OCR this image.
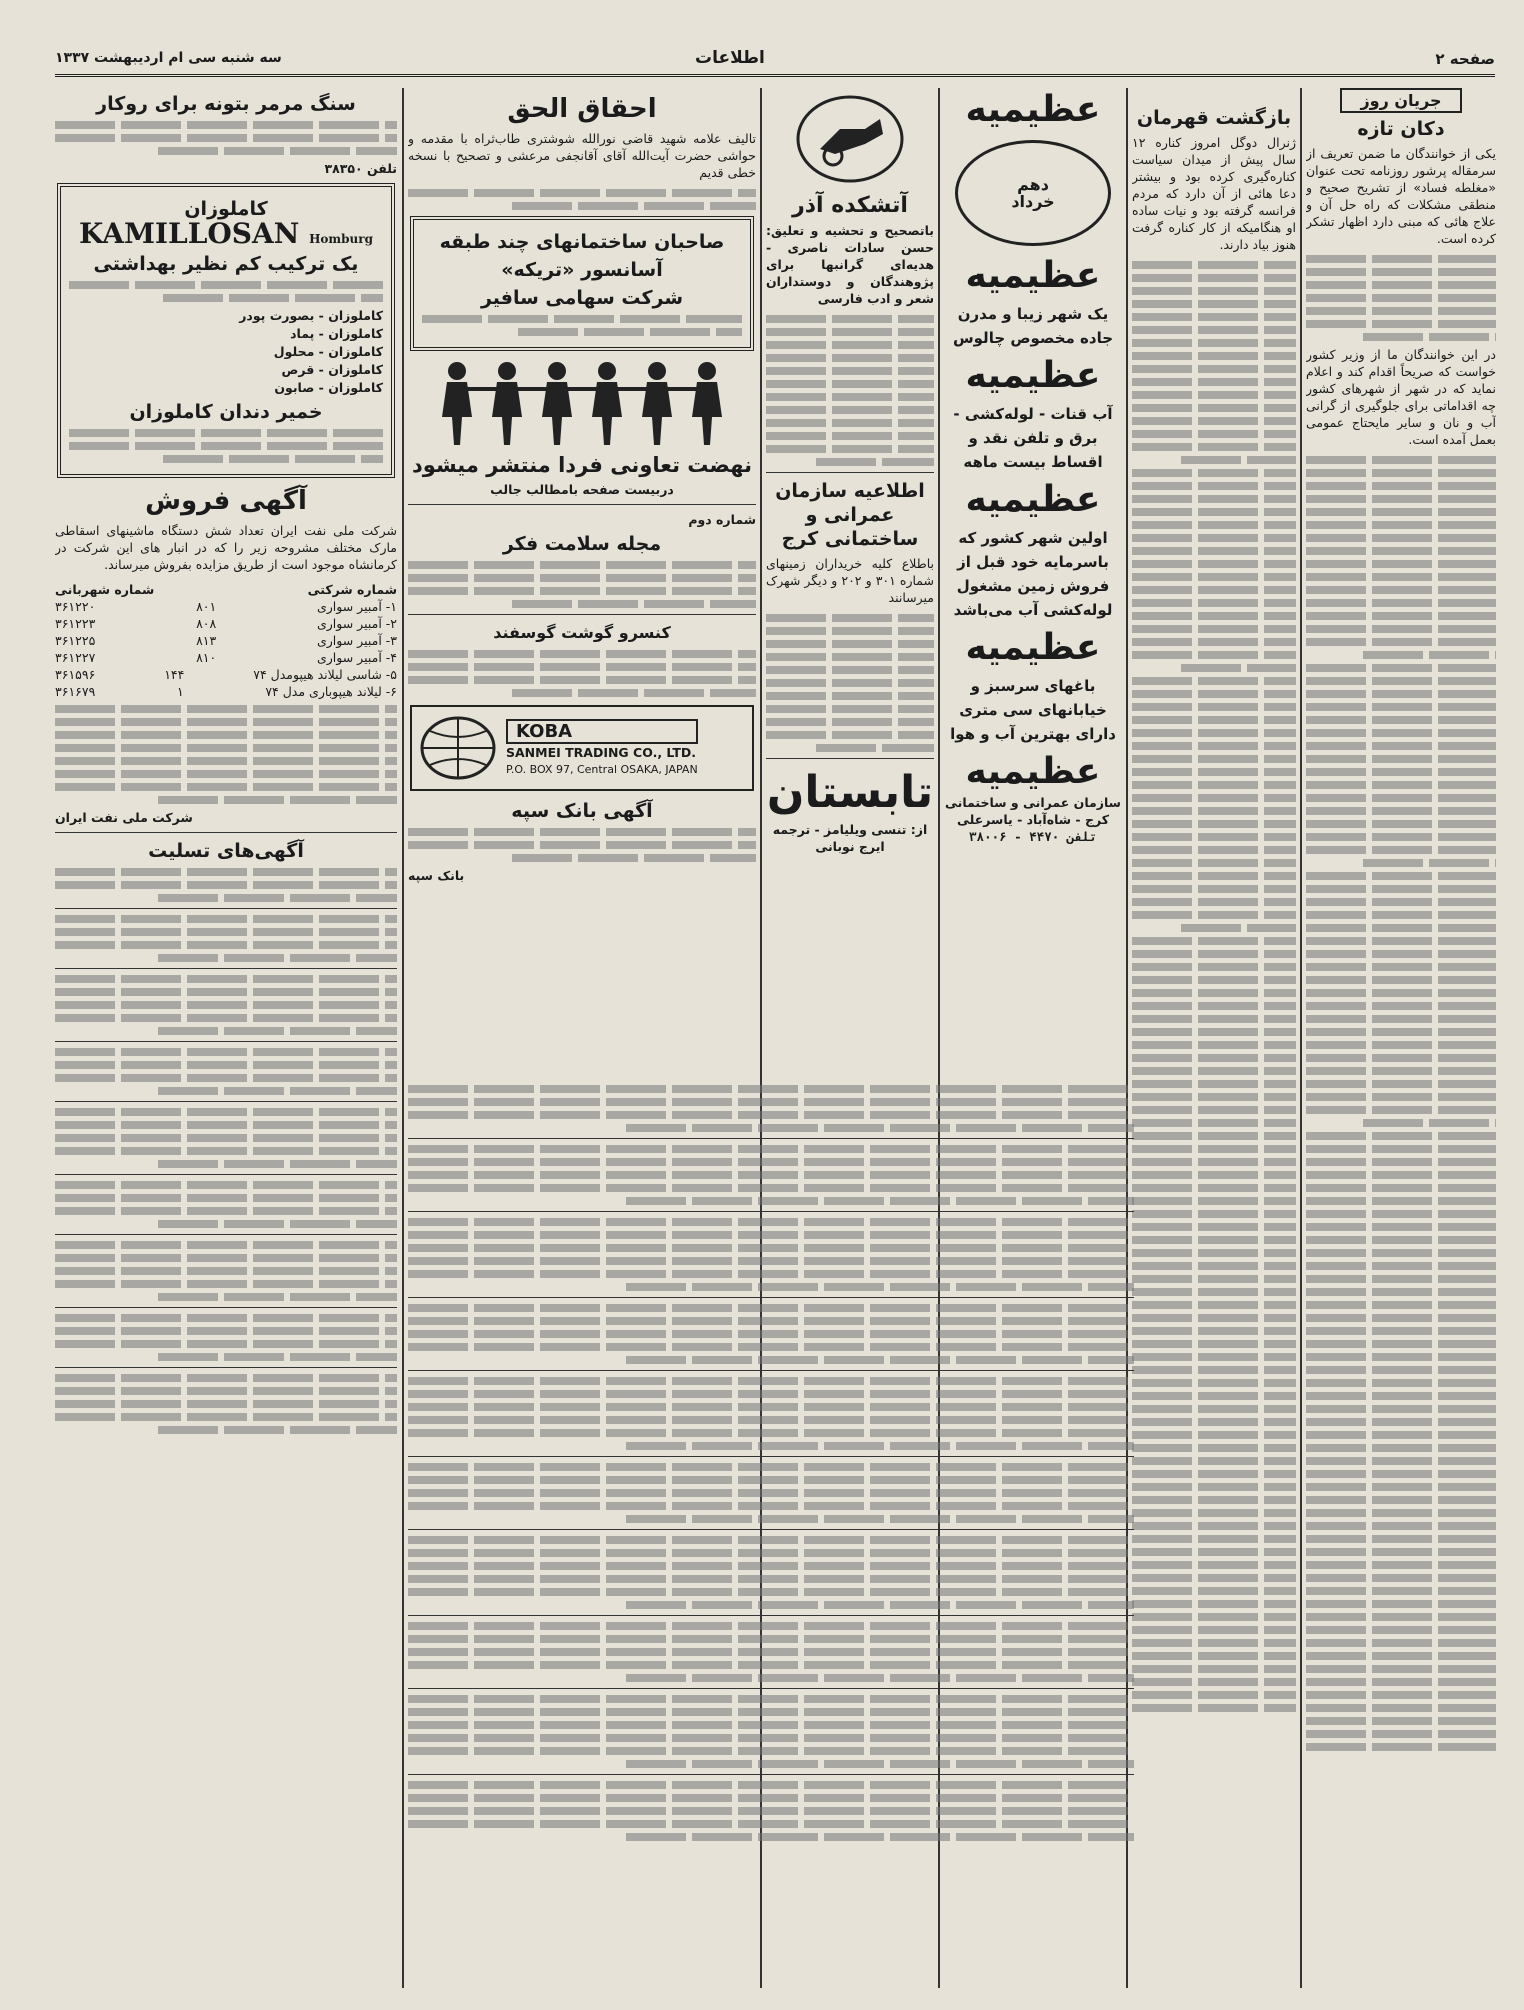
صفحه ۲
اطلاعات
سه شنبه سی ام اردیبهشت ۱۳۳۷
جریان روز
دکان تازه
یکی از خوانندگان ما ضمن تعریف از سرمقاله پرشور روزنامه تحت عنوان «مغلطه فساد» از تشریح صحیح و منطقی مشکلات که راه حل آن و علاج هائی که مبنی دارد اظهار تشکر کرده است.
در این خوانندگان ما از وزیر کشور خواست که صریحاً اقدام کند و اعلام نماید که در شهر از شهرهای کشور چه اقداماتی برای جلوگیری از گرانی آب و نان و سایر مایحتاج عمومی بعمل آمده است.
بازگشت قهرمان
ژنرال دوگل امروز کناره ۱۲ سال پیش از میدان سیاست کناره‌گیری کرده بود و بیشتر دعا هائی از آن دارد که مردم فرانسه گرفته بود و نیات ساده او هنگامیکه از کار کناره گرفت هنوز بیاد دارند.
عظیمیه
دهم
خرداد
عظیمیه
یک شهر زیبا و مدرن جاده مخصوص چالوس
عظیمیه
آب قنات - لوله‌کشی - برق و تلفن نقد و اقساط بیست ماهه
عظیمیه
اولین شهر کشور که باسرمایه خود قبل از فروش زمین مشغول لوله‌کشی آب می‌باشد
عظیمیه
باغهای سرسبز و خیابانهای سی متری دارای بهترین آب و هوا
عظیمیه
سازمان عمرانی و ساختمانی کرج - شاه‌آباد - یاسرعلی
تلفن ۴۴۷۰ - ۳۸۰۰۶
آتشکده آذر
باتصحیح و تحشیه و تعلیق: حسن سادات ناصری - هدیه‌ای گرانبها برای پژوهندگان و دوستداران شعر و ادب فارسی
اطلاعیه سازمان عمرانی و ساختمانی کرج
باطلاع کلیه خریداران زمینهای شماره ۳۰۱ و ۲۰۲ و دیگر شهرک میرسانند
تابستان
از: تنسی ویلیامز - ترجمه ایرج نوبانی
احقاق الحق
تالیف علامه شهید قاضی نورالله شوشتری طاب‌ثراه با مقدمه و حواشی حضرت آیت‌الله آقای آقانجفی مرعشی و تصحیح با نسخه خطی قدیم
صاحبان ساختمانهای چند طبقه
آسانسور «تریکه»
شرکت سهامی سافیر
نهضت تعاونی فردا منتشر میشود
دربیست صفحه بامطالب جالب
شماره دوم
مجله سلامت فکر
کنسرو گوشت گوسفند
KOBA
SANMEI TRADING CO., LTD.
P.O. BOX 97, Central OSAKA, JAPAN
آگهی بانک سپه
بانک سپه
سنگ مرمر بتونه برای روکار
تلفن ۳۸۳۵۰
کاملوزان
KAMILLOSAN Homburg
یک ترکیب کم نظیر بهداشتی
کاملوزان - بصورت پودر
کاملوزان - پماد
کاملوزان - محلول
کاملوزان - قرص
کاملوزان - صابون
خمیر دندان کاملوزان
آگهی فروش
شرکت ملی نفت ایران تعداد شش دستگاه ماشینهای اسقاطی مارک مختلف مشروحه زیر را که در انبار های این شرکت در کرمانشاه موجود است از طریق مزایده بفروش میرساند.
شماره شرکتی
شماره شهربانی
۱- آمبیر سواری
۸۰۱
۳۶۱۲۲۰
۲- آمبیر سواری
۸۰۸
۳۶۱۲۲۳
۳- آمبیر سواری
۸۱۳
۳۶۱۲۲۵
۴- آمبیر سواری
۸۱۰
۳۶۱۲۲۷
۵- شاسی لیلاند هیپومدل ۷۴
۱۴۴
۳۶۱۵۹۶
۶- لیلاند هیپوباری مدل ۷۴
۱
۳۶۱۶۷۹
شرکت ملی نفت ایران
آگهی‌های تسلیت
